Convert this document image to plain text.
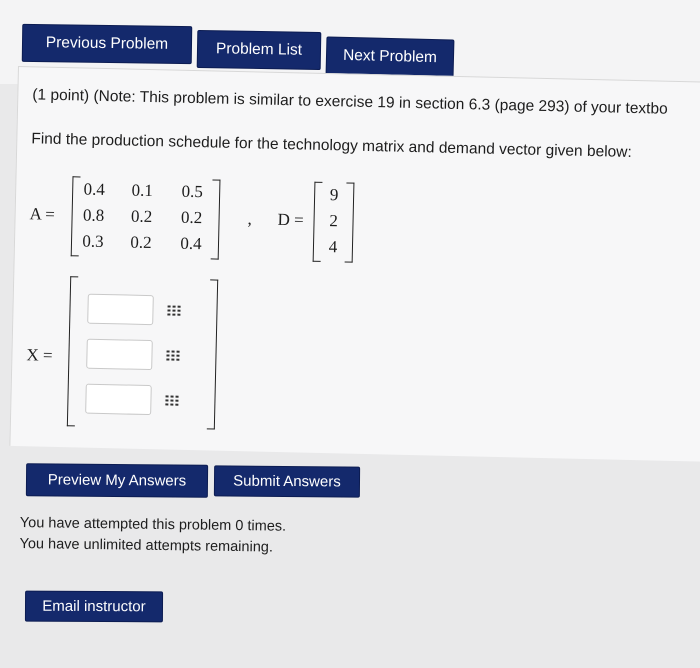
Previous Problem	Problem List	Next Problem
(1 point) (Note: This problem is similar to exercise 19 in section 6.3 (page 293) of your textbo
Find the production schedule for the technology matrix and demand vector given below:
A =
0.4	0.1	0.5
0.8	0.2	0.2
0.3	0.2	0.4
, D =
9
2
4
X =
Preview My Answers	Submit Answers
You have attempted this problem 0 times.
You have unlimited attempts remaining.
Email instructor
